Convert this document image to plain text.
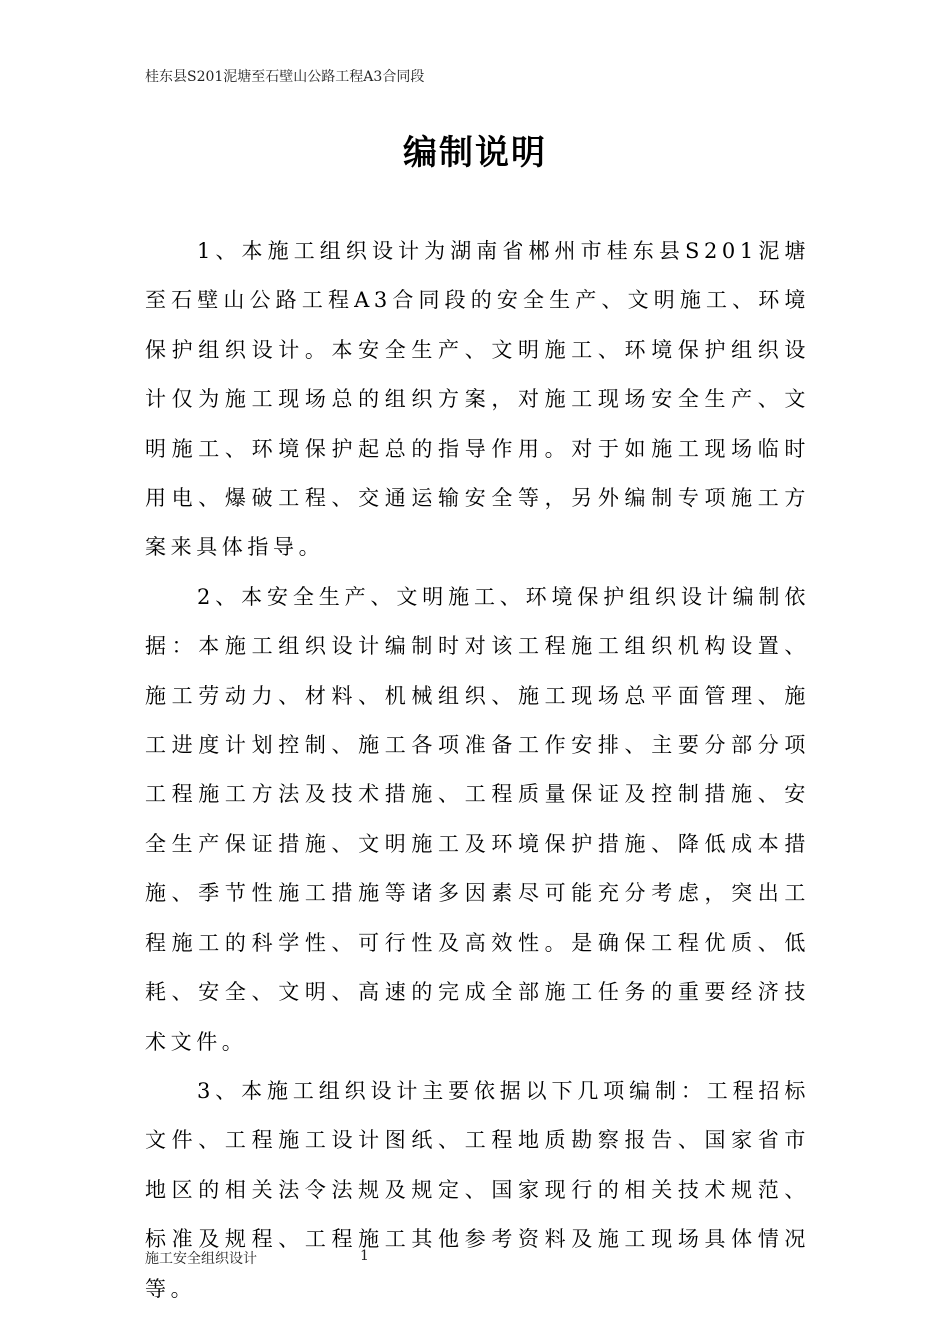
桂东县S201泥塘至石壁山公路工程A3合同段
编制说明

1、本施工组织设计为湖南省郴州市桂东县S201泥塘至石壁山公路工程A3合同段的安全生产、文明施工、环境保护组织设计。本安全生产、文明施工、环境保护组织设计仅为施工现场总的组织方案，对施工现场安全生产、文明施工、环境保护起总的指导作用。对于如施工现场临时用电、爆破工程、交通运输安全等，另外编制专项施工方案来具体指导。

2、本安全生产、文明施工、环境保护组织设计编制依据：本施工组织设计编制时对该工程施工组织机构设置、施工劳动力、材料、机械组织、施工现场总平面管理、施工进度计划控制、施工各项准备工作安排、主要分部分项工程施工方法及技术措施、工程质量保证及控制措施、安全生产保证措施、文明施工及环境保护措施、降低成本措施、季节性施工措施等诸多因素尽可能充分考虑，突出工程施工的科学性、可行性及高效性。是确保工程优质、低耗、安全、文明、高速的完成全部施工任务的重要经济技术文件。

3、本施工组织设计主要依据以下几项编制：工程招标文件、工程施工设计图纸、工程地质勘察报告、国家省市地区的相关法令法规及规定、国家现行的相关技术规范、标准及规程、工程施工其他参考资料及施工现场具体情况等。

施工安全组织设计	1
